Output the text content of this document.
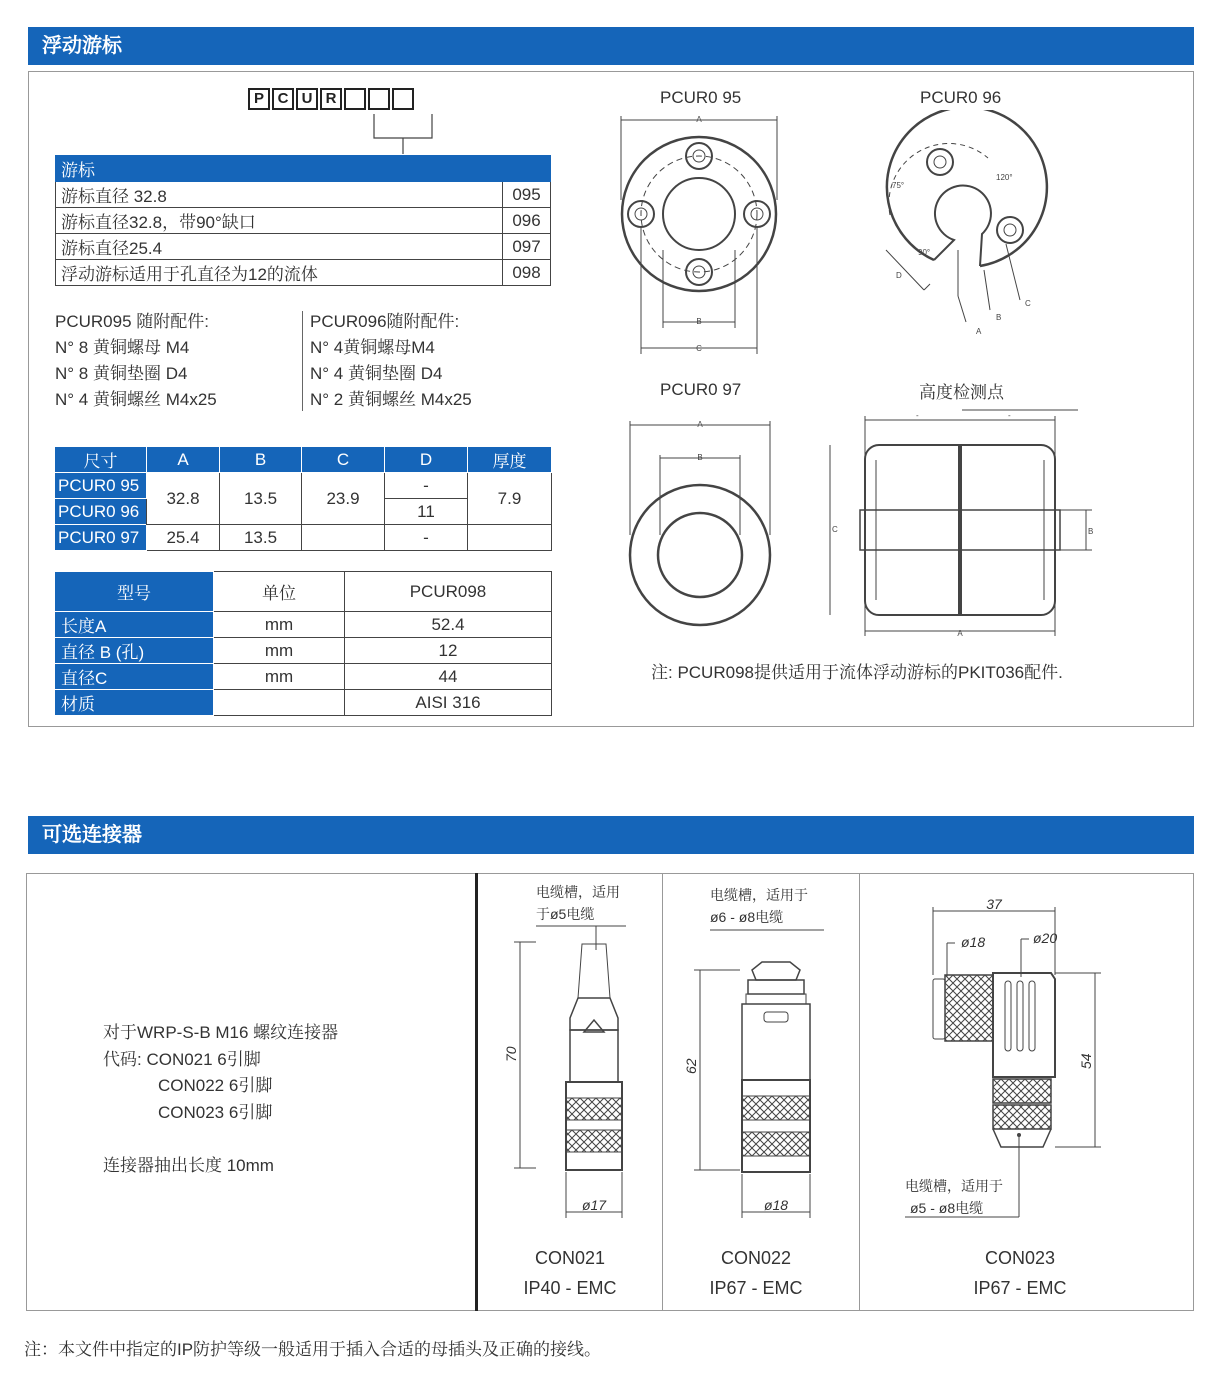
浮动游标
P C U R
游标	
游标直径 32.8	095
游标直径32.8，带90°缺口	096
游标直径25.4	097
浮动游标适用于孔直径为12的流体	098
PCUR095 随附配件:
N° 8 黄铜螺母 M4
N° 8 黄铜垫圈 D4
N° 4 黄铜螺丝 M4x25
PCUR096随附配件:
N° 4黄铜螺母M4
N° 4 黄铜垫圈 D4
N° 2 黄铜螺丝 M4x25
尺寸	A	B	C	D	厚度
PCUR0 95	32.8	13.5	23.9	-	7.9
PCUR0 96				11	
PCUR0 97	25.4	13.5		-	
型号	单位	PCUR098
长度A	mm	52.4
直径 B (孔)	mm	12
直径C	mm	44
材质		AISI 316
PCUR0 95	PCUR0 96
PCUR0 97	高度检测点
A
B
C
75°
120°
90°
D
A
B
C
A
B
-	-
C	B
A
注: PCUR098提供适用于流体浮动游标的PKIT036配件.
可选连接器
对于WRP-S-B M16 螺纹连接器
代码: CON021 6引脚
CON022 6引脚
CON023 6引脚
连接器抽出长度 10mm
电缆槽，适用
于ø5电缆
70
ø17
CON021
IP40 - EMC
电缆槽，适用于
ø6 - ø8电缆
62
ø18
CON022
IP67 - EMC
37
ø18	ø20
54
电缆槽，适用于
ø5 - ø8电缆
CON023
IP67 - EMC
注：本文件中指定的IP防护等级一般适用于插入合适的母插头及正确的接线。
